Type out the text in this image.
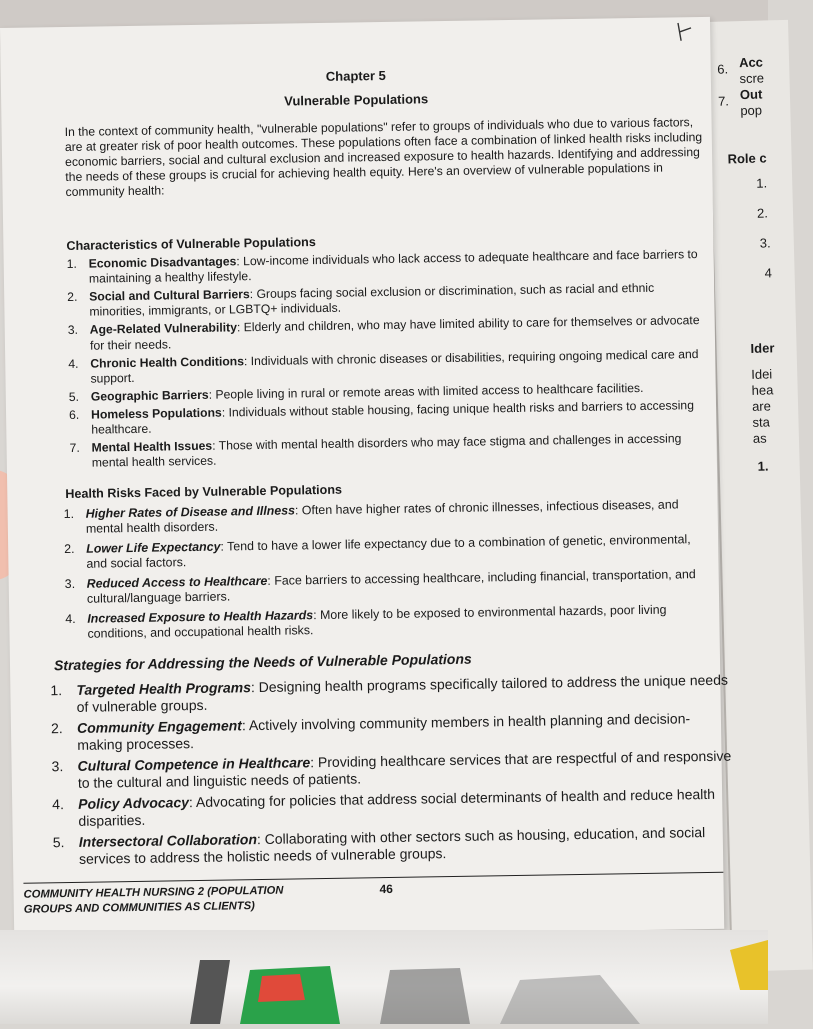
6. Acc
scre
7. Out
pop
Role c
1.
2.
3.
4
Ider
Idei
hea
are
sta
as
1.
Chapter 5
Vulnerable Populations
In the context of community health, "vulnerable populations" refer to groups of individuals who due to various factors, are at greater risk of poor health outcomes. These populations often face a combination of linked health risks including economic barriers, social and cultural exclusion and increased exposure to health hazards. Identifying and addressing the needs of these groups is crucial for achieving health equity. Here's an overview of vulnerable populations in community health:
Characteristics of Vulnerable Populations
1. Economic Disadvantages: Low-income individuals who lack access to adequate healthcare and face barriers to maintaining a healthy lifestyle.
2. Social and Cultural Barriers: Groups facing social exclusion or discrimination, such as racial and ethnic minorities, immigrants, or LGBTQ+ individuals.
3. Age-Related Vulnerability: Elderly and children, who may have limited ability to care for themselves or advocate for their needs.
4. Chronic Health Conditions: Individuals with chronic diseases or disabilities, requiring ongoing medical care and support.
5. Geographic Barriers: People living in rural or remote areas with limited access to healthcare facilities.
6. Homeless Populations: Individuals without stable housing, facing unique health risks and barriers to accessing healthcare.
7. Mental Health Issues: Those with mental health disorders who may face stigma and challenges in accessing mental health services.
Health Risks Faced by Vulnerable Populations
1. Higher Rates of Disease and Illness: Often have higher rates of chronic illnesses, infectious diseases, and mental health disorders.
2. Lower Life Expectancy: Tend to have a lower life expectancy due to a combination of genetic, environmental, and social factors.
3. Reduced Access to Healthcare: Face barriers to accessing healthcare, including financial, transportation, and cultural/language barriers.
4. Increased Exposure to Health Hazards: More likely to be exposed to environmental hazards, poor living conditions, and occupational health risks.
Strategies for Addressing the Needs of Vulnerable Populations
1. Targeted Health Programs: Designing health programs specifically tailored to address the unique needs of vulnerable groups.
2. Community Engagement: Actively involving community members in health planning and decision-making processes.
3. Cultural Competence in Healthcare: Providing healthcare services that are respectful of and responsive to the cultural and linguistic needs of patients.
4. Policy Advocacy: Advocating for policies that address social determinants of health and reduce health disparities.
5. Intersectoral Collaboration: Collaborating with other sectors such as housing, education, and social services to address the holistic needs of vulnerable groups.
COMMUNITY HEALTH NURSING 2 (POPULATION
GROUPS AND COMMUNITIES AS CLIENTS)
46
